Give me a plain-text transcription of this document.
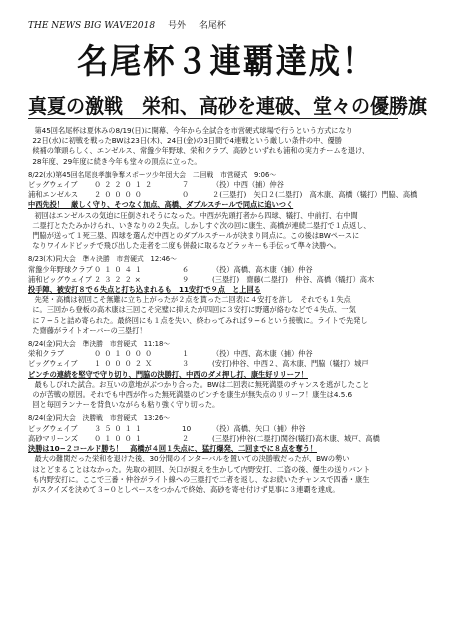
THE NEWS BIG WAVE2018 号外 名尾杯
名尾杯３連覇達成！
真夏の激戦　栄和、高砂を連破、堂々の優勝旗

第45回名尾杯は夏休みの8/19(日)に開幕、今年から全試合を市営硬式球場で行うという方式になり

22日(水)に初戦を戦ったBWは23日(木)、24日(金)の3日間で4連戦という厳しい条件の中、優勝

候補の筆頭らしく、エンゼルス、常盤少年野球、栄和クラブ、高砂といずれも浦和の実力チームを退け、

28年度、29年度に続き今年も堂々の頂点に立った。

8/22(水)第45回名尾良孝旗争奪スポーツ少年団大会　二回戦　市営硬式　9:06〜
ビッグウェイブ	０２２０１２	７	（投）中西（捕）仲谷
浦和エンゼルス	２００００	０	２(三塁打)　矢口２(二塁打)　高木康、高橋（犠打）門脇、高橋
中西先投！　厳しく守り、そつなく加点、高橋、ダブルスチールで同点に追いつく

初回はエンゼルスの気迫に圧倒されそうになった。中西が先頭打者から四球、犠打、中前打、右中間

二塁打とたたみかけられ、いきなりの２失点。しかしすぐ次の回に康生、高橋が連続二塁打で１点返し、

門脇が送って１死三塁、四球を選んだ中西とのダブルスチールが決まり同点に。この後はBWペースに

なりワイルドピッチで飛び出した走者を二度も併殺に取るなどラッキーも手伝って準々決勝へ。

8/23(木)同大会　準々決勝　市営硬式　12:46〜
常盤少年野球クラブ ０１０４１	６	（投）高橋、高木康（捕）仲谷
浦和ビッグウェイブ ２３２２×	９	(三塁打)　齋藤(二塁打)　仲谷、高橋（犠打）高木
投手陣、被安打８で６失点と打ち込まれるも　11安打で９点　と上回る

先発・高橋は初回こそ無難に立ち上がったが２点を貰った二回表に４安打を許し　それでも１失点

に。三回から登板の高木康は三回こそ完璧に抑えたが四回に３安打に野選が絡むなどで４失点、一気

に７−５と詰め寄られた。最終回にも１点を失い、終わってみれば９−６という接戦に。ライトで先発し

た齋藤がライトオーバーの三塁打！

8/24(金)同大会　準決勝　市営硬式　11:18〜
栄和クラブ	００１０００	１	（投）中西、高木康（捕）仲谷
ビッグウェイブ	１０００２Ｘ	３	(安打)仲谷、中西２、高木康、門脇（犠打）城戸
ピンチの連続を堅守で守り切り、門脇の決勝打、中西のダメ押し打、康生好リリーフ！

最もしびれた試合。お互いの意地がぶつかり合った。BWは二回表に無死満塁のチャンスを逃がしたこと

のが苦戦の原因。それでも中西が作った無死満塁のピンチを康生が無失点のリリーフ！康生は4.5.6

回と毎回ランナーを背負いながらも粘り強く守り切った。

8/24(金)同大会　決勝戦　市営硬式　13:26〜
ビッグウェイブ	３５０１１	10	（投）高橋、矢口（捕）仲谷
高砂マリーンズ	０１００１	２	(三塁打)仲谷(二塁打)関谷(犠打)高木康、城戸、高橋
決勝は10−２コールド勝ち！　高橋が４回１失点に、猛打爆発、二回までに８点を奪う！

最大の難関だった栄和を退けた後、30分間のインターバルを置いての決勝戦だったが、BWの勢い

はとどまることはなかった。先取の初回、矢口が捉えを生かして内野安打、二盗の後、優生の送りバント

も内野安打に。ここで三番・仲谷がライト線への三塁打で二者を返し、なお続いたチャンスで四番・康生

がスクイズを決めて３−０としペースをつかんで終始、高砂を寄せ付けず見事に３連覇を達成。
